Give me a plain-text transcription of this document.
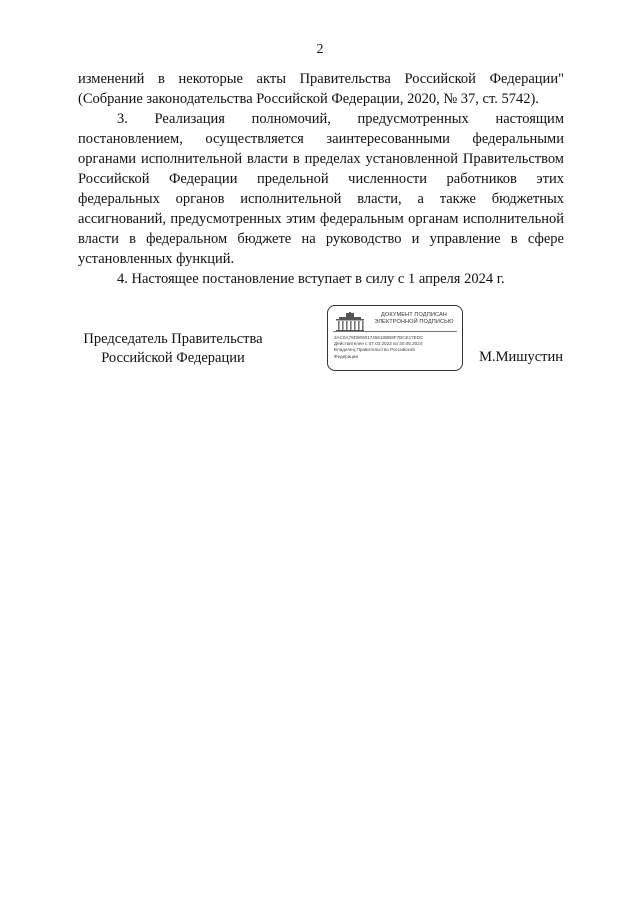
2

изменений в некоторые акты Правительства Российской Федерации" (Собрание законодательства Российской Федерации, 2020, № 37, ст. 5742).

3. Реализация полномочий, предусмотренных настоящим постановлением, осуществляется заинтересованными федеральными органами исполнительной власти в пределах установленной Правительством Российской Федерации предельной численности работников этих федеральных органов исполнительной власти, а также бюджетных ассигнований, предусмотренных этим федеральным органам исполнительной власти в федеральном бюджете на руководство и управление в сфере установленных функций.

4. Настоящее постановление вступает в силу с 1 апреля 2024 г.

Председатель Правительства
Российской Федерации
ДОКУМЕНТ ПОДПИСАН
ЭЛЕКТРОННОЙ ПОДПИСЬЮ
2AC0A78D90601745610BB9F7BCE17EDC
Действителен с 07.03.2023 по 30.05.2024
Владелец Правительство Российской
Федерации	М.Мишустин
